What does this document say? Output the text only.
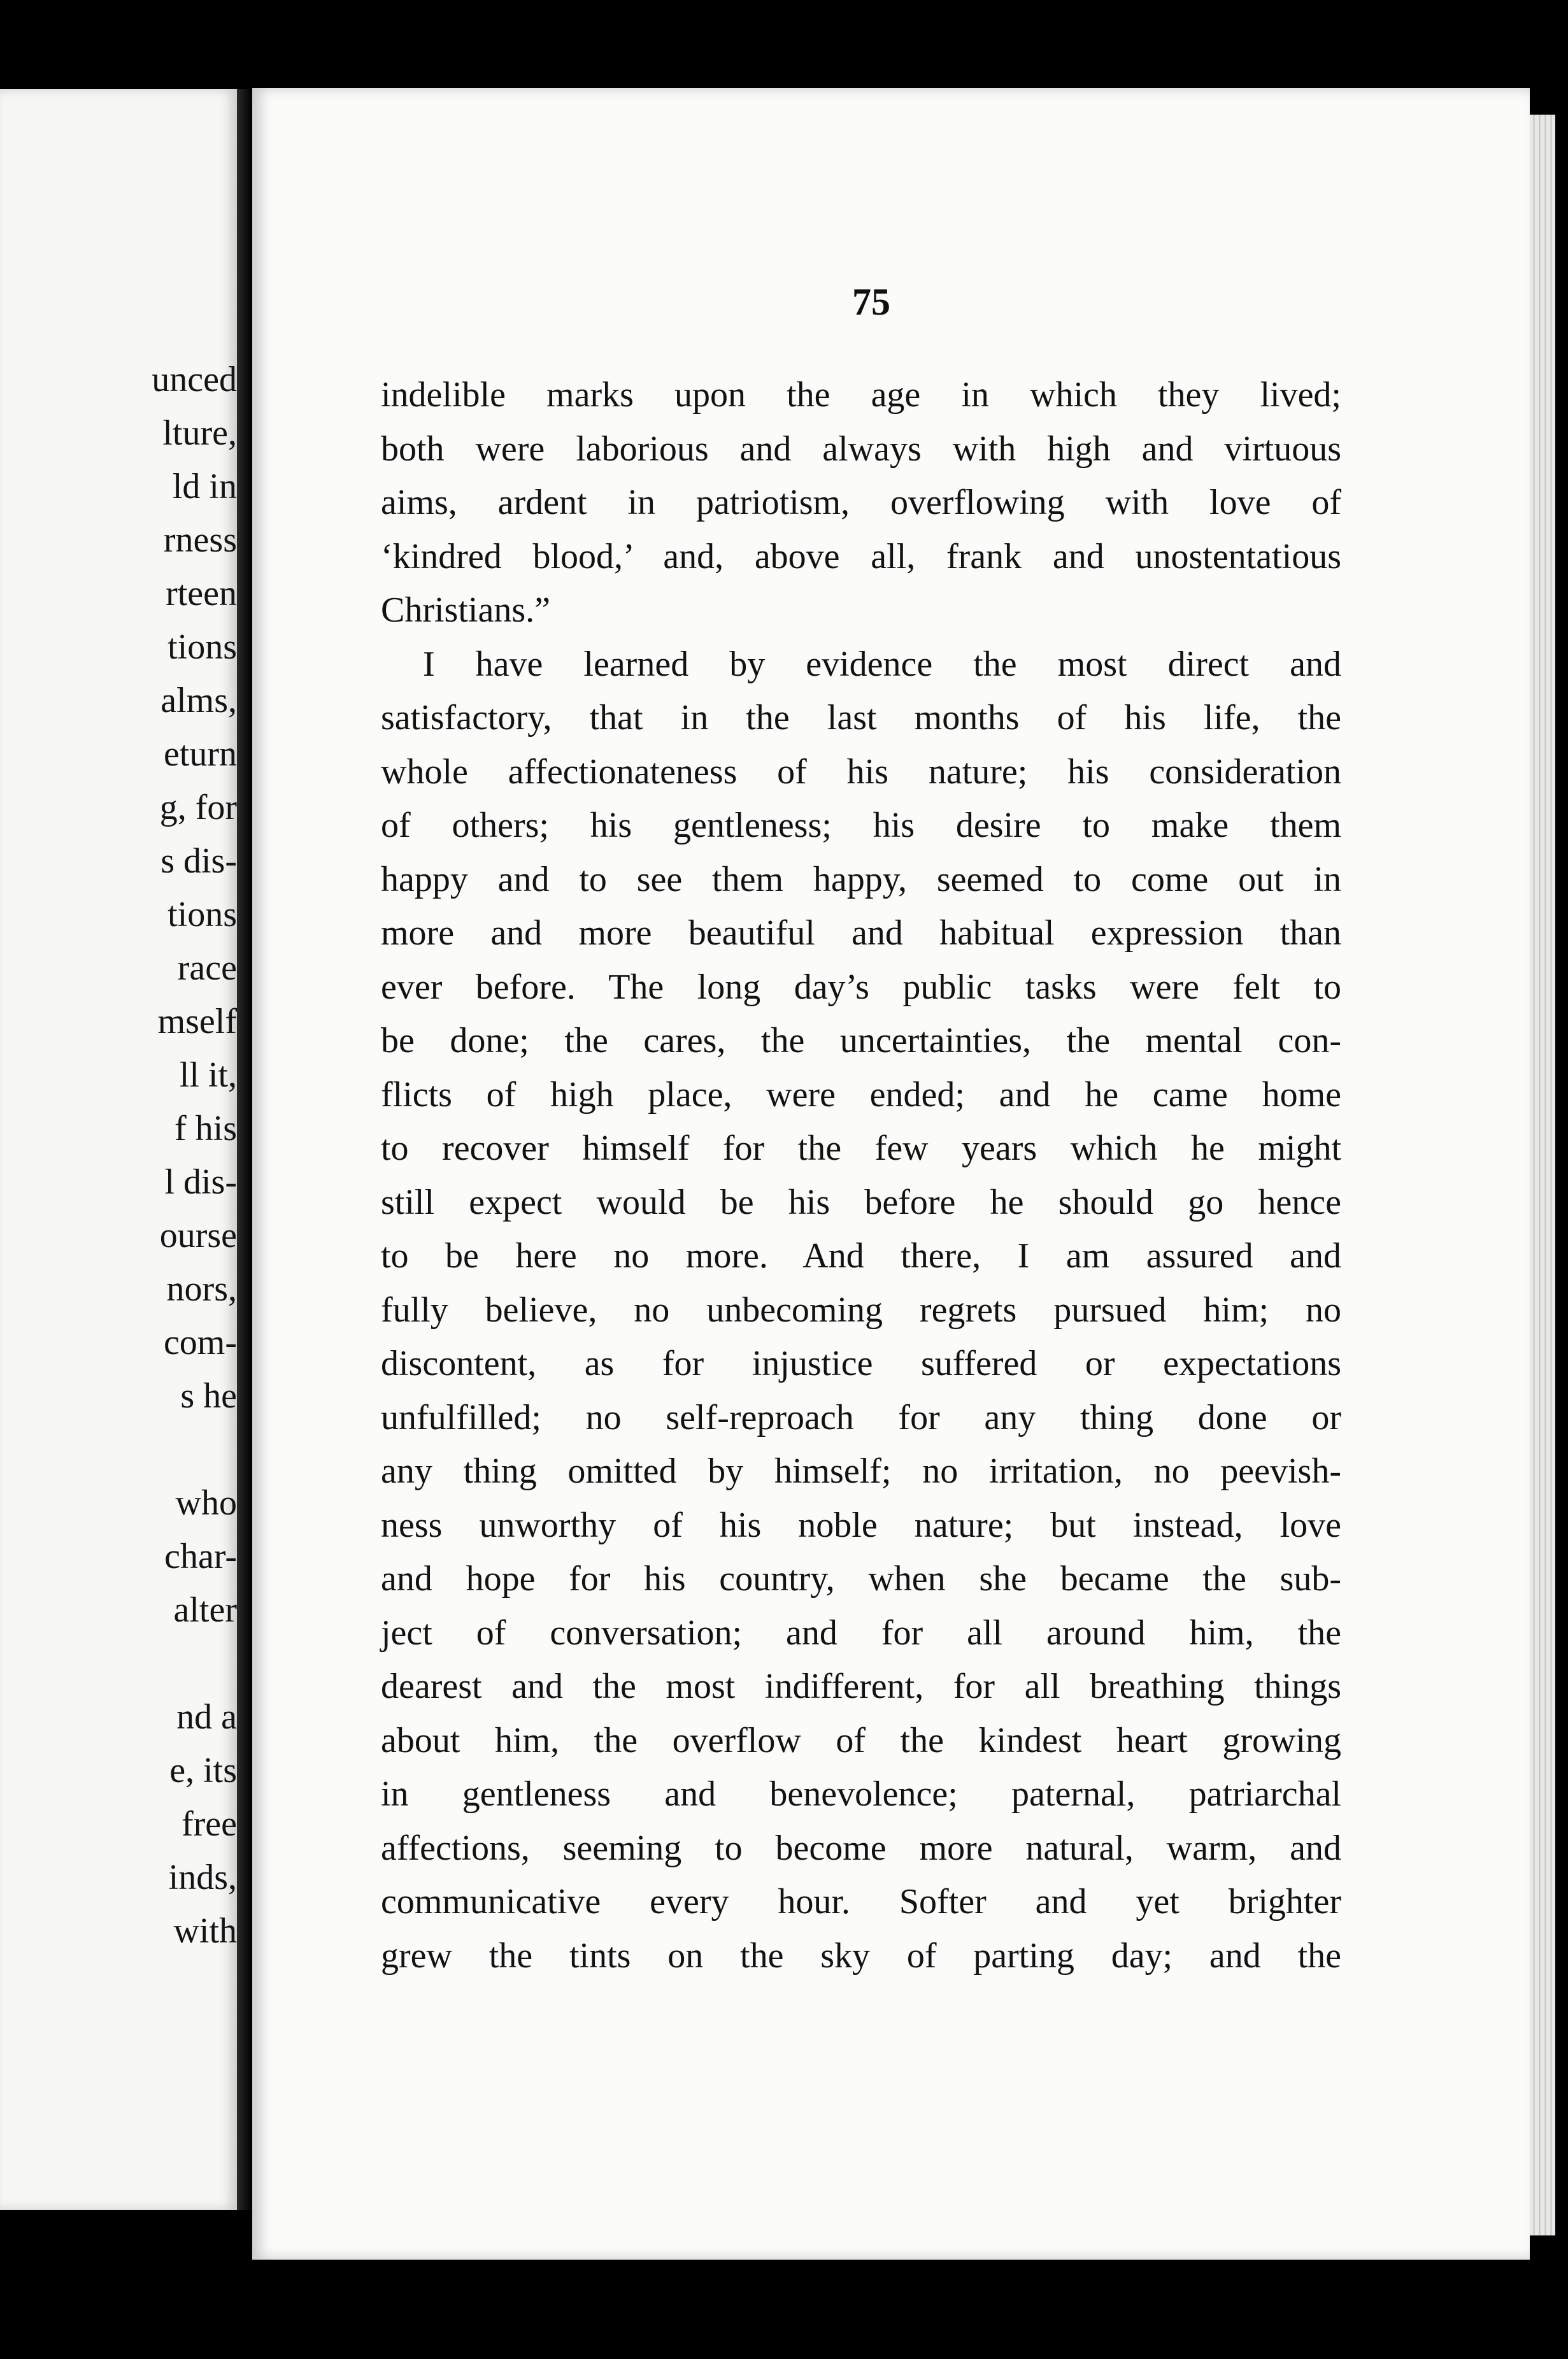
unced
lture,
ld in
rness
rteen
tions
alms,
eturn
g, for
s dis-
tions
race
mself
ll it,
f his
l dis-
ourse
nors,
com-
s he
who
char-
alter
nd a
e, its
free
inds,
with
75
indelible marks upon the age in which they lived;
both were laborious and always with high and virtuous
aims, ardent in patriotism, overflowing with love of
‘kindred blood,’ and, above all, frank and unostentatious
Christians.”
I have learned by evidence the most direct and
satisfactory, that in the last months of his life, the
whole affectionateness of his nature; his consideration
of others; his gentleness; his desire to make them
happy and to see them happy, seemed to come out in
more and more beautiful and habitual expression than
ever before. The long day’s public tasks were felt to
be done; the cares, the uncertainties, the mental con-
flicts of high place, were ended; and he came home
to recover himself for the few years which he might
still expect would be his before he should go hence
to be here no more. And there, I am assured and
fully believe, no unbecoming regrets pursued him; no
discontent, as for injustice suffered or expectations
unfulfilled; no self-reproach for any thing done or
any thing omitted by himself; no irritation, no peevish-
ness unworthy of his noble nature; but instead, love
and hope for his country, when she became the sub-
ject of conversation; and for all around him, the
dearest and the most indifferent, for all breathing things
about him, the overflow of the kindest heart growing
in gentleness and benevolence; paternal, patriarchal
affections, seeming to become more natural, warm, and
communicative every hour. Softer and yet brighter
grew the tints on the sky of parting day; and the
